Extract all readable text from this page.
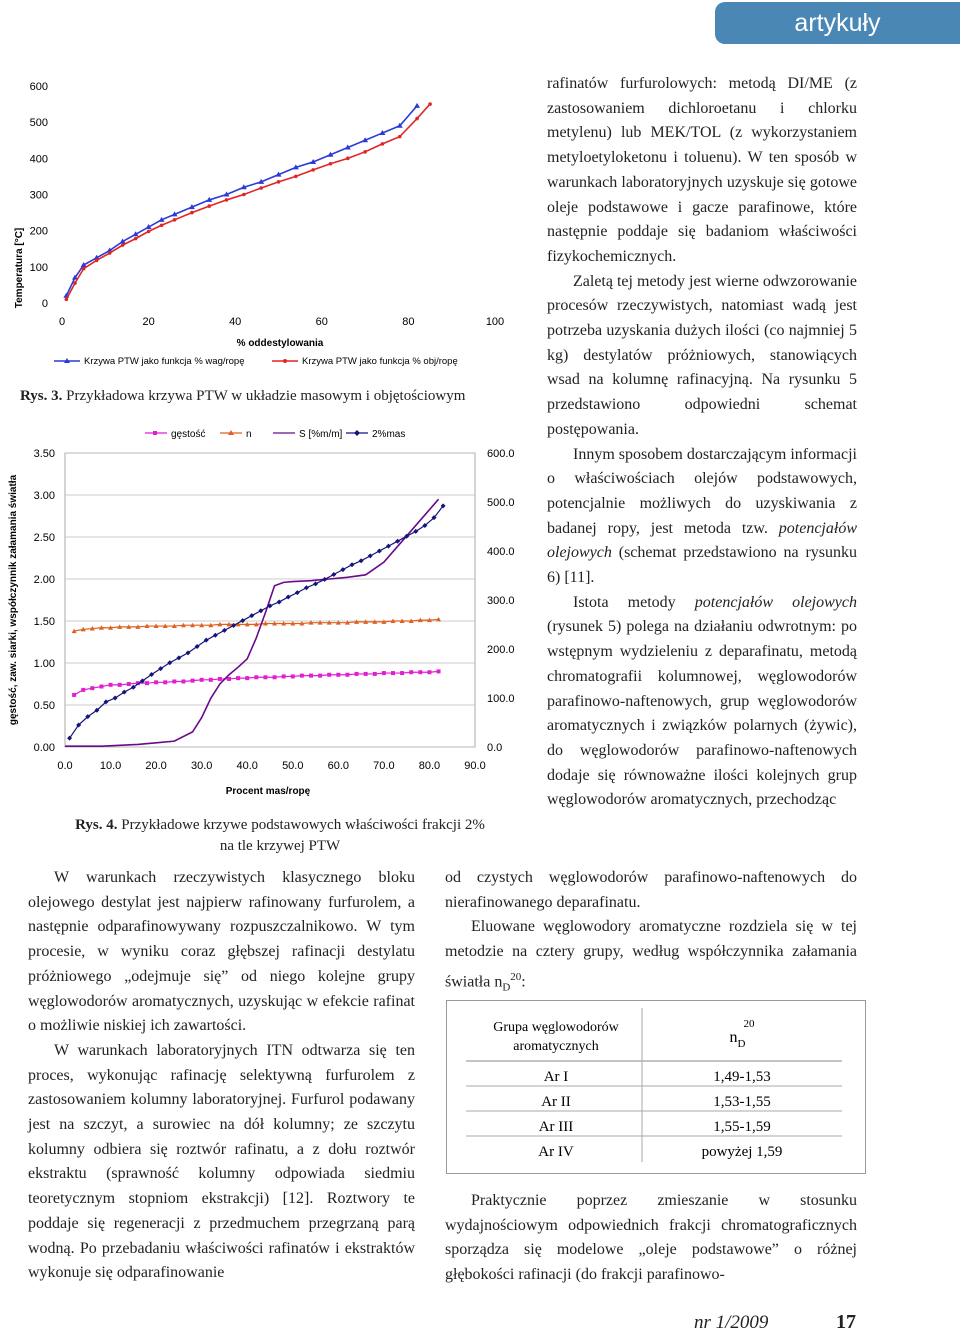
artykuły
0
100
200
300
400
500
600
0	20	40	60	80	100
Temperatura [°C]
% oddestylowania
Krzywa PTW jako funkcja % wag/ropę	Krzywa PTW jako funkcja % obj/ropę
Rys. 3. Przykładowa krzywa PTW w układzie masowym i objętościowym
gęstość	n	S [%m/m]	2%mas
0.00
0.50
1.00
1.50
2.00
2.50
3.00
3.50
0.0
100.0
200.0
300.0
400.0
500.0
600.0
0.0 10.0 20.0 30.0 40.0 50.0 60.0 70.0 80.0 90.0
gęstość, zaw. siarki, współczynnik załamania światła
Procent mas/ropę
Rys. 4. Przykładowe krzywe podstawowych właściwości frakcji 2%
na tle krzywej PTW

W warunkach rzeczywistych klasycznego bloku olejowego destylat jest najpierw rafinowany furfurolem, a następnie odparafinowywany rozpuszczalnikowo. W tym procesie, w wyniku coraz głębszej rafinacji destylatu próżniowego „odejmuje się” od niego kolejne grupy węglowodorów aromatycznych, uzyskując w efekcie rafinat o możliwie niskiej ich zawartości.

W warunkach laboratoryjnych ITN odtwarza się ten proces, wykonując rafinację selektywną furfurolem z zastosowaniem kolumny laboratoryjnej. Furfurol podawany jest na szczyt, a surowiec na dół kolumny; ze szczytu kolumny odbiera się roztwór rafinatu, a z dołu roztwór ekstraktu (sprawność kolumny odpowiada siedmiu teoretycznym stopniom ekstrakcji) [12]. Roztwory te poddaje się regeneracji z przedmuchem przegrzaną parą wodną. Po przebadaniu właściwości rafinatów i ekstraktów wykonuje się odparafinowanie

rafinatów furfurolowych: metodą DI/ME (z zastosowaniem dichloroetanu i chlorku metylenu) lub MEK/TOL (z wykorzystaniem metyloetyloketonu i toluenu). W ten sposób w warunkach laboratoryjnych uzyskuje się gotowe oleje podstawowe i gacze parafinowe, które następnie poddaje się badaniom właściwości fizykochemicznych.

Zaletą tej metody jest wierne odwzorowanie procesów rzeczywistych, natomiast wadą jest potrzeba uzyskania dużych ilości (co najmniej 5 kg) destylatów próżniowych, stanowiących wsad na kolumnę rafinacyjną. Na rysunku 5 przedstawiono odpowiedni schemat postępowania.

Innym sposobem dostarczającym informacji o właściwościach olejów podstawowych, potencjalnie możliwych do uzyskiwania z badanej ropy, jest metoda tzw. potencjałów olejowych (schemat przedstawiono na rysunku 6) [11].

Istota metody potencjałów olejowych (rysunek 5) polega na działaniu odwrotnym: po wstępnym wydzieleniu z deparafinatu, metodą chromatografii kolumnowej, węglowodorów parafinowo-naftenowych, grup węglowodorów aromatycznych i związków polarnych (żywic), do węglowodorów parafinowo-naftenowych dodaje się równoważne ilości kolejnych grup węglowodorów aromatycznych, przechodząc

od czystych węglowodorów parafinowo-naftenowych do nierafinowanego deparafinatu.

Eluowane węglowodory aromatyczne rozdziela się w tej metodzie na cztery grupy, według współczynnika załamania światła $n_D^{20}$:

Grupa węglowodorów
aromatycznych
$n_D20$
Ar I	1,49-1,53
Ar II	1,53-1,55
Ar III	1,55-1,59
Ar IV	powyżej 1,59

Praktycznie poprzez zmieszanie w stosunku wydajnościowym odpowiednich frakcji chromatograficznych sporządza się modelowe „oleje podstawowe” o różnej głębokości rafinacji (do frakcji parafinowo-

nr 1/2009	17
